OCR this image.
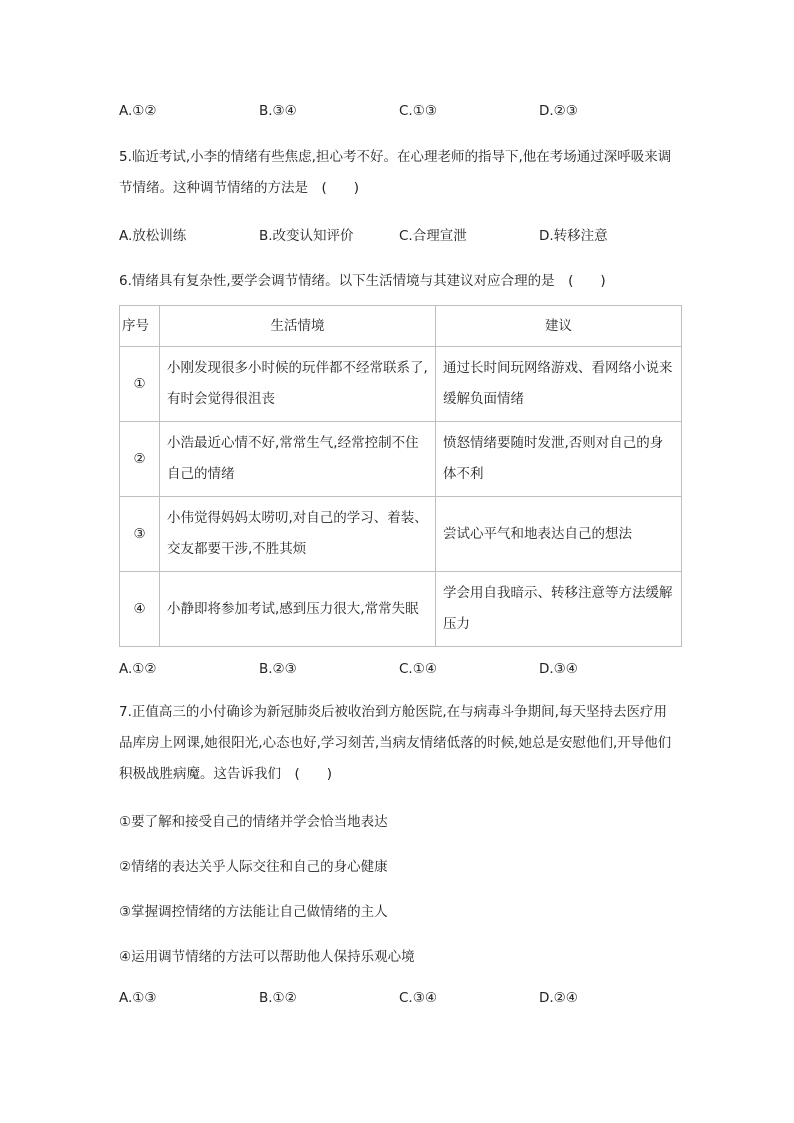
A.①②	B.③④	C.①③	D.②③
5.临近考试,小李的情绪有些焦虑,担心考不好。在心理老师的指导下,他在考场通过深呼吸来调节情绪。这种调节情绪的方法是　(　　)
A.放松训练	B.改变认知评价	C.合理宣泄	D.转移注意
6.情绪具有复杂性,要学会调节情绪。以下生活情境与其建议对应合理的是　(　　)
序号	生活情境	建议
①	小刚发现很多小时候的玩伴都不经常联系了,有时会觉得很沮丧	通过长时间玩网络游戏、看网络小说来缓解负面情绪
②	小浩最近心情不好,常常生气,经常控制不住自己的情绪	愤怒情绪要随时发泄,否则对自己的身体不利
③	小伟觉得妈妈太唠叨,对自己的学习、着装、交友都要干涉,不胜其烦	尝试心平气和地表达自己的想法
④	小静即将参加考试,感到压力很大,常常失眠	学会用自我暗示、转移注意等方法缓解压力
A.①②	B.②③	C.①④	D.③④
7.正值高三的小付确诊为新冠肺炎后被收治到方舱医院,在与病毒斗争期间,每天坚持去医疗用品库房上网课,她很阳光,心态也好,学习刻苦,当病友情绪低落的时候,她总是安慰他们,开导他们积极战胜病魔。这告诉我们　(　　)
①要了解和接受自己的情绪并学会恰当地表达
②情绪的表达关乎人际交往和自己的身心健康
③掌握调控情绪的方法能让自己做情绪的主人
④运用调节情绪的方法可以帮助他人保持乐观心境
A.①③	B.①②	C.③④	D.②④
